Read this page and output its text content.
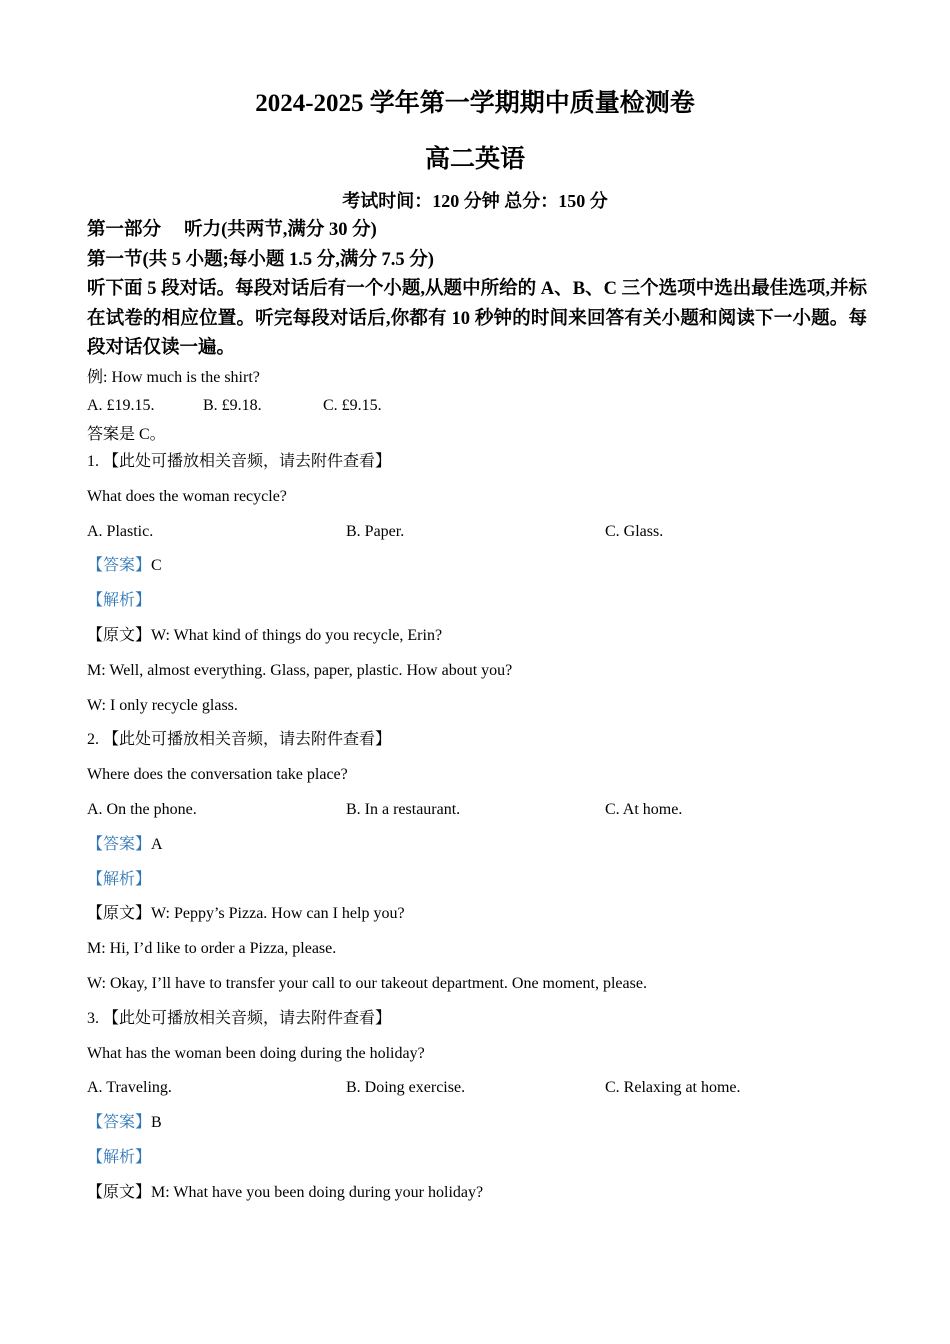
2024-2025 学年第一学期期中质量检测卷
高二英语
考试时间：120 分钟 总分：150 分

第一部分　 听力(共两节,满分 30 分)

第一节(共 5 小题;每小题 1.5 分,满分 7.5 分)

听下面 5 段对话。每段对话后有一个小题,从题中所给的 A、B、C 三个选项中选出最佳选项,并标在试卷的相应位置。听完每段对话后,你都有 10 秒钟的时间来回答有关小题和阅读下一小题。每段对话仅读一遍。

例: How much is the shirt?

A. £19.15.	B. £9.18.	C. £9.15.

答案是 C。

1. 【此处可播放相关音频，请去附件查看】

What does the woman recycle?

A. Plastic.	B. Paper.	C. Glass.

【答案】C

【解析】

【原文】W: What kind of things do you recycle, Erin?

M: Well, almost everything. Glass, paper, plastic. How about you?

W: I only recycle glass.

2. 【此处可播放相关音频，请去附件查看】

Where does the conversation take place?

A. On the phone.	B. In a restaurant.	C. At home.

【答案】A

【解析】

【原文】W: Peppy’s Pizza. How can I help you?

M: Hi, I’d like to order a Pizza, please.

W: Okay, I’ll have to transfer your call to our takeout department. One moment, please.

3. 【此处可播放相关音频，请去附件查看】

What has the woman been doing during the holiday?

A. Traveling.	B. Doing exercise.	C. Relaxing at home.

【答案】B

【解析】

【原文】M: What have you been doing during your holiday?
